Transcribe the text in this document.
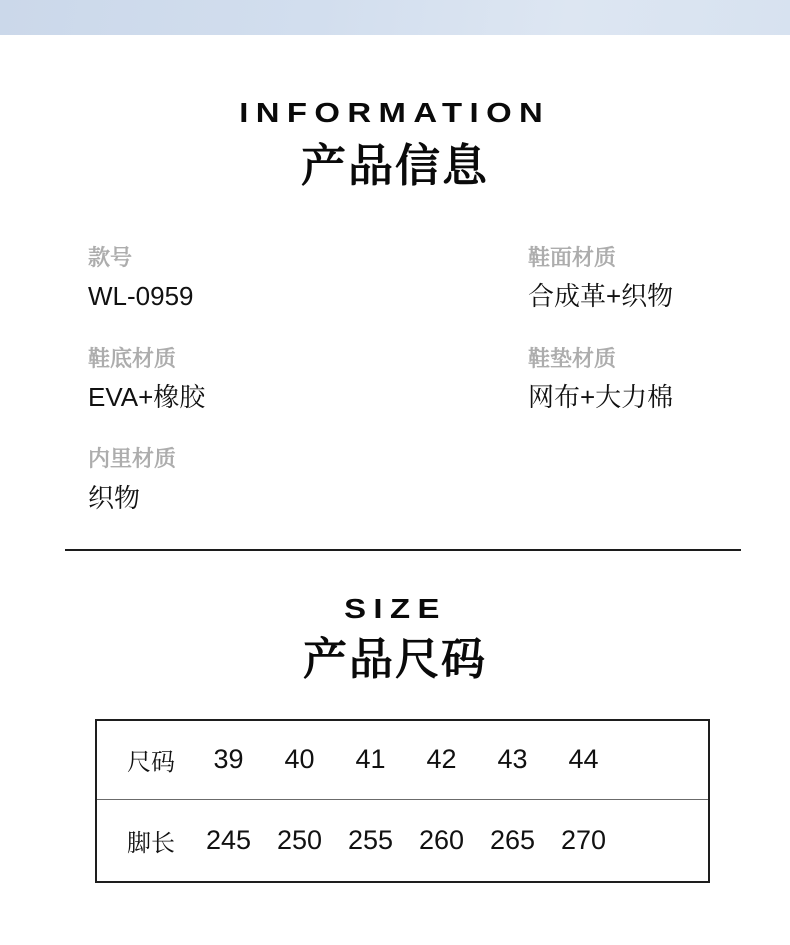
INFORMATION
产品信息
款号
WL-0959
鞋面材质
合成革+织物
鞋底材质
EVA+橡胶
鞋垫材质
网布+大力棉
内里材质
织物
SIZE
产品尺码
尺码	39	40	41	42	43	44
脚长	245 250 255 260 265 270
